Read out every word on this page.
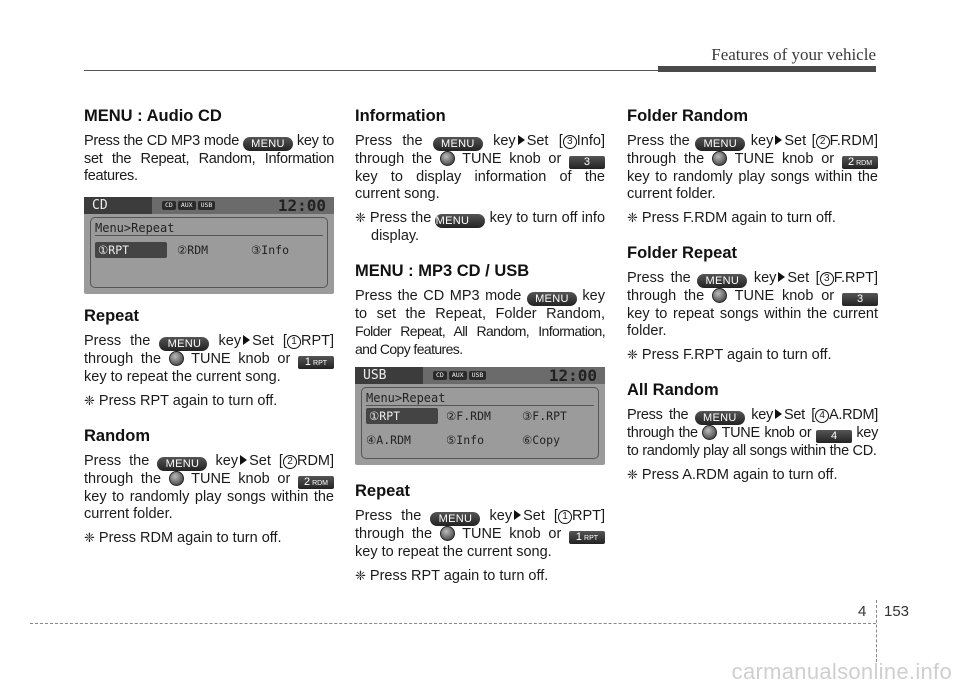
Features of your vehicle
MENU : Audio CD

Press the CD MP3 mode MENU key to set the Repeat, Random, Information features.

CD	CD	AUX	USB	12:00
Menu>Repeat
①RPT	②RDM	③Info
Repeat

Press the MENU key Set [ 1 RPT] through the TUNE knob or 1 RPT key to repeat the current song.

❈ Press RPT again to turn off.

Random

Press the MENU key Set [ 2 RDM] through the TUNE knob or 2 RDM key to randomly play songs within the current folder.

❈ Press RDM again to turn off.

Information

Press the MENU key Set [ 3 Info] through the TUNE knob or 3 key to display information of the current song.

❈ Press the MENU key to turn off info display.

MENU : MP3 CD / USB

Press the CD MP3 mode MENU key to set the Repeat, Folder Random, Folder Repeat, All Random, Information, and Copy features.

USB	CD	AUX	USB	12:00
Menu>Repeat
①RPT	②F.RDM	③F.RPT
④A.RDM	⑤Info	⑥Copy
Repeat

Press the MENU key Set [ 1 RPT] through the TUNE knob or 1 RPT key to repeat the current song.

❈ Press RPT again to turn off.

Folder Random

Press the MENU key Set [ 2 F.RDM] through the TUNE knob or 2 RDM key to randomly play songs within the current folder.

❈ Press F.RDM again to turn off.

Folder Repeat

Press the MENU key Set [ 3 F.RPT] through the TUNE knob or 3 key to repeat songs within the current folder.

❈ Press F.RPT again to turn off.

All Random

Press the MENU key Set [ 4 A.RDM] through the TUNE knob or 4 key to randomly play all songs within the CD.

❈ Press A.RDM again to turn off.

4 153
carmanualsonline.info
